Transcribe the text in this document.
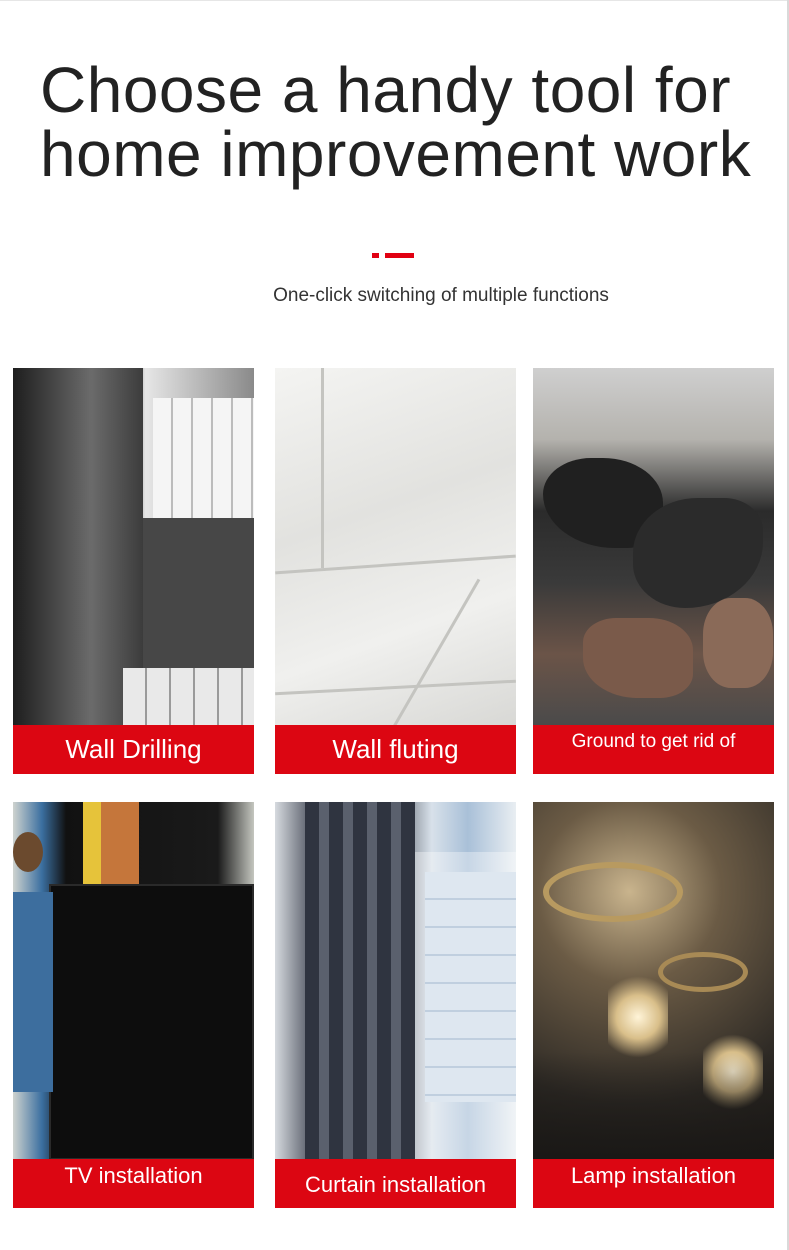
Choose a handy tool for
home improvement work
One-click switching of multiple functions
Wall Drilling	Wall fluting	Ground to get rid of
TV installation	Curtain installation	Lamp installation
